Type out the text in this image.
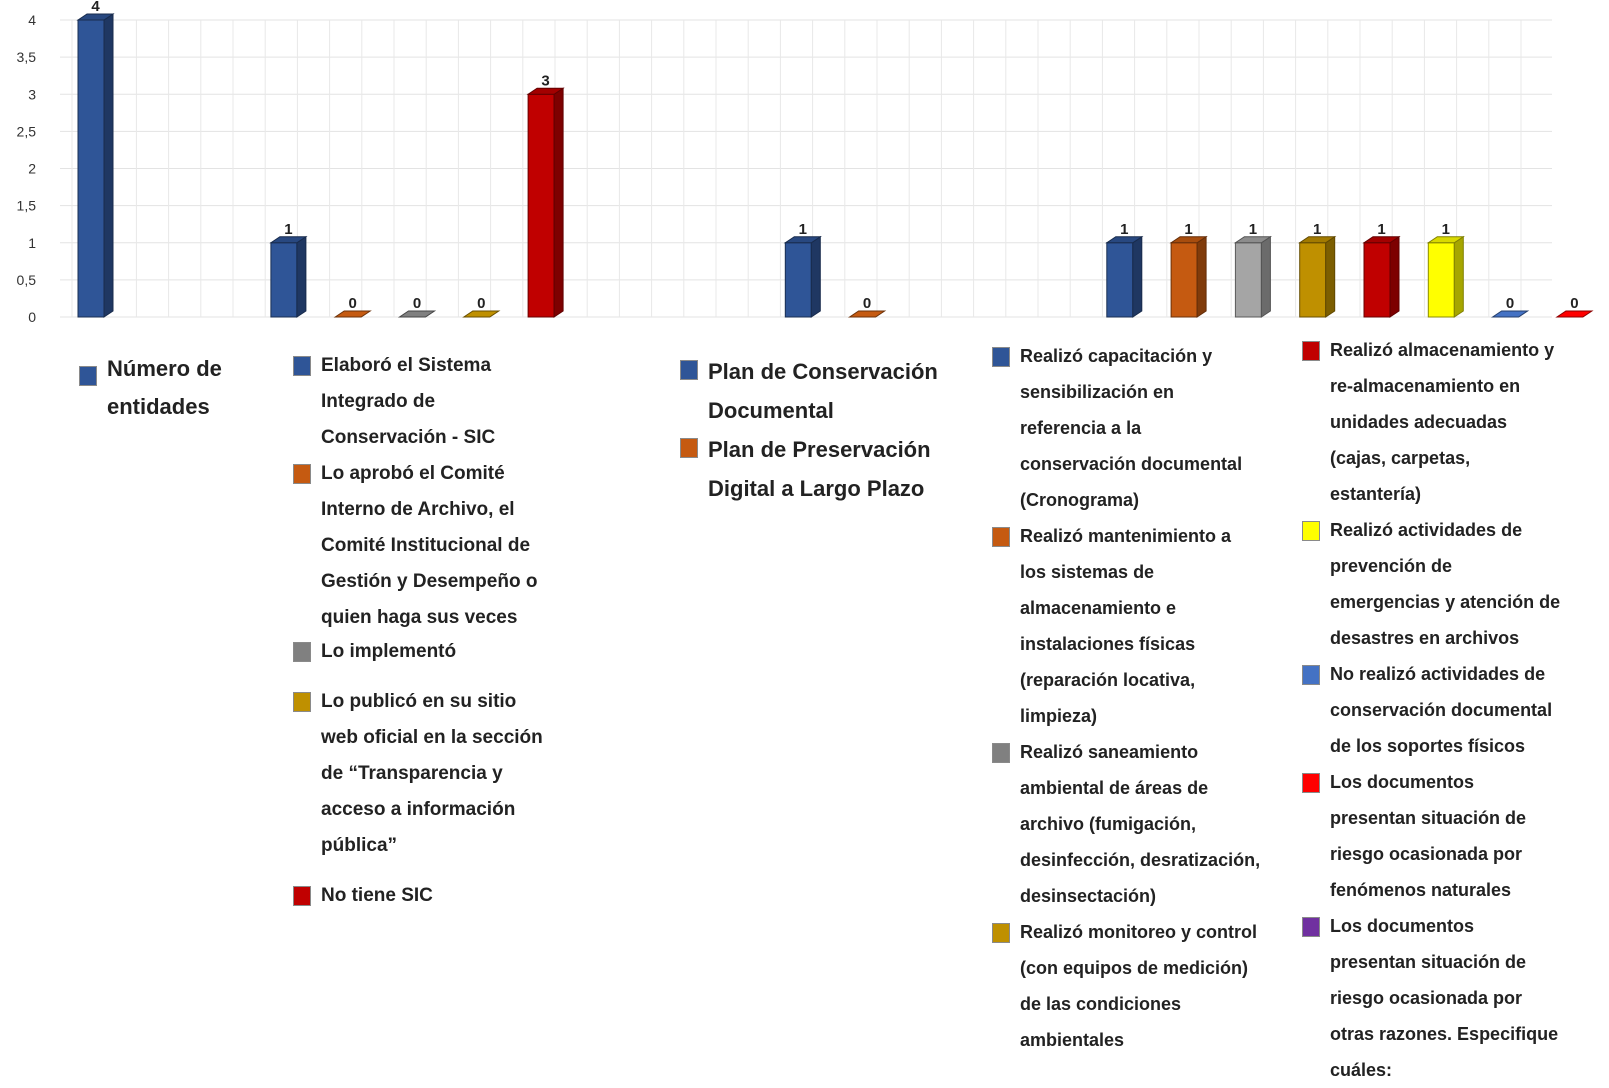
0
0,5
1
1,5
2
2,5
3
3,5
4
4
1
0	0	0
3
1
0
1	1	1	1	1	1
0	0
Número de entidades
Elaboró el Sistema Integrado de Conservación - SIC
Lo aprobó el Comité Interno de Archivo, el Comité Institucional de Gestión y Desempeño o quien haga sus veces
Lo implementó
Lo publicó en su sitio web oficial en la sección de “Transparencia y acceso a información pública”
No tiene SIC
Plan de Conservación Documental
Plan de Preservación Digital a Largo Plazo
Realizó capacitación y sensibilización en referencia a la conservación documental (Cronograma)
Realizó mantenimiento a los sistemas de almacenamiento e instalaciones físicas (reparación locativa, limpieza)
Realizó saneamiento ambiental de áreas de archivo (fumigación, desinfección, desratización, desinsectación)
Realizó monitoreo y control (con equipos de medición) de las condiciones ambientales
Realizó almacenamiento y re-almacenamiento en unidades adecuadas (cajas, carpetas, estantería)
Realizó actividades de prevención de emergencias y atención de desastres en archivos
No realizó actividades de conservación documental de los soportes físicos
Los documentos presentan situación de riesgo ocasionada por fenómenos naturales
Los documentos presentan situación de riesgo ocasionada por otras razones. Especifique cuáles:
